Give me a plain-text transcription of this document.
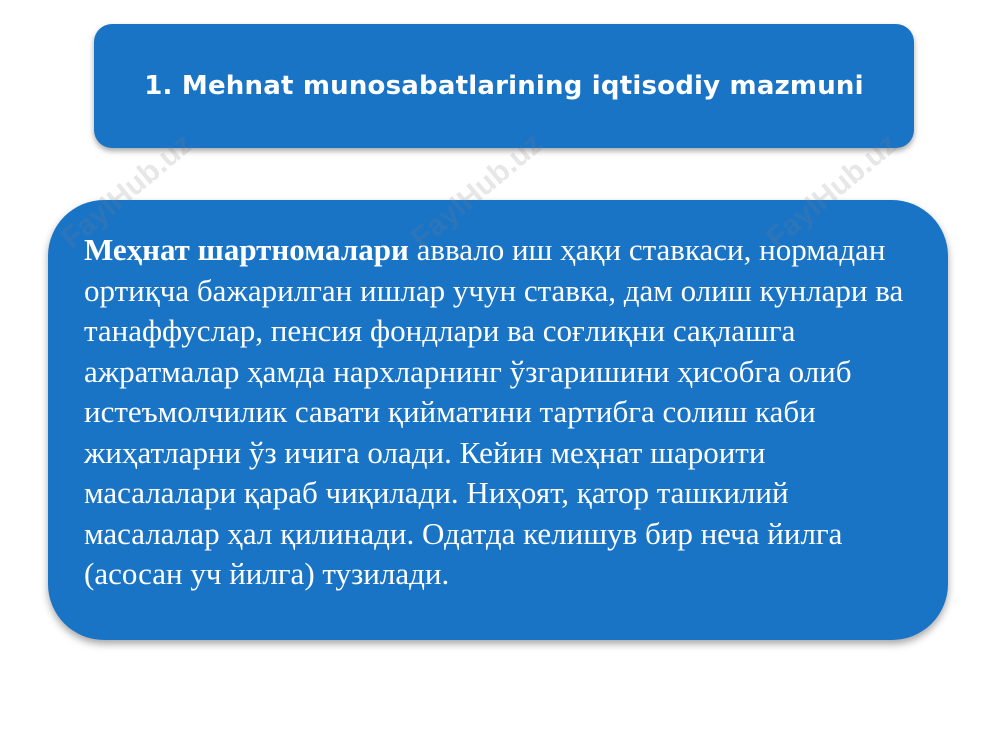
1. Mehnat munosabatlarining iqtisodiy mazmuni

Меҳнат шартномалари аввало иш ҳақи ставкаси, нормадан ортиқча бажарилган ишлар учун ставка, дам олиш кунлари ва танаффуслар, пенсия фондлари ва соғлиқни сақлашга ажратмалар ҳамда нархларнинг ўзгаришини ҳисобга олиб истеъмолчилик савати қийматини тартибга солиш каби жиҳатларни ўз ичига олади. Кейин меҳнат шароити масалалари қараб чиқилади. Ниҳоят, қатор ташкилий масалалар ҳал қилинади. Одатда келишув бир неча йилга (асосан уч йилга) тузилади.

FaylHub.uz	FaylHub.uz	FaylHub.uz
